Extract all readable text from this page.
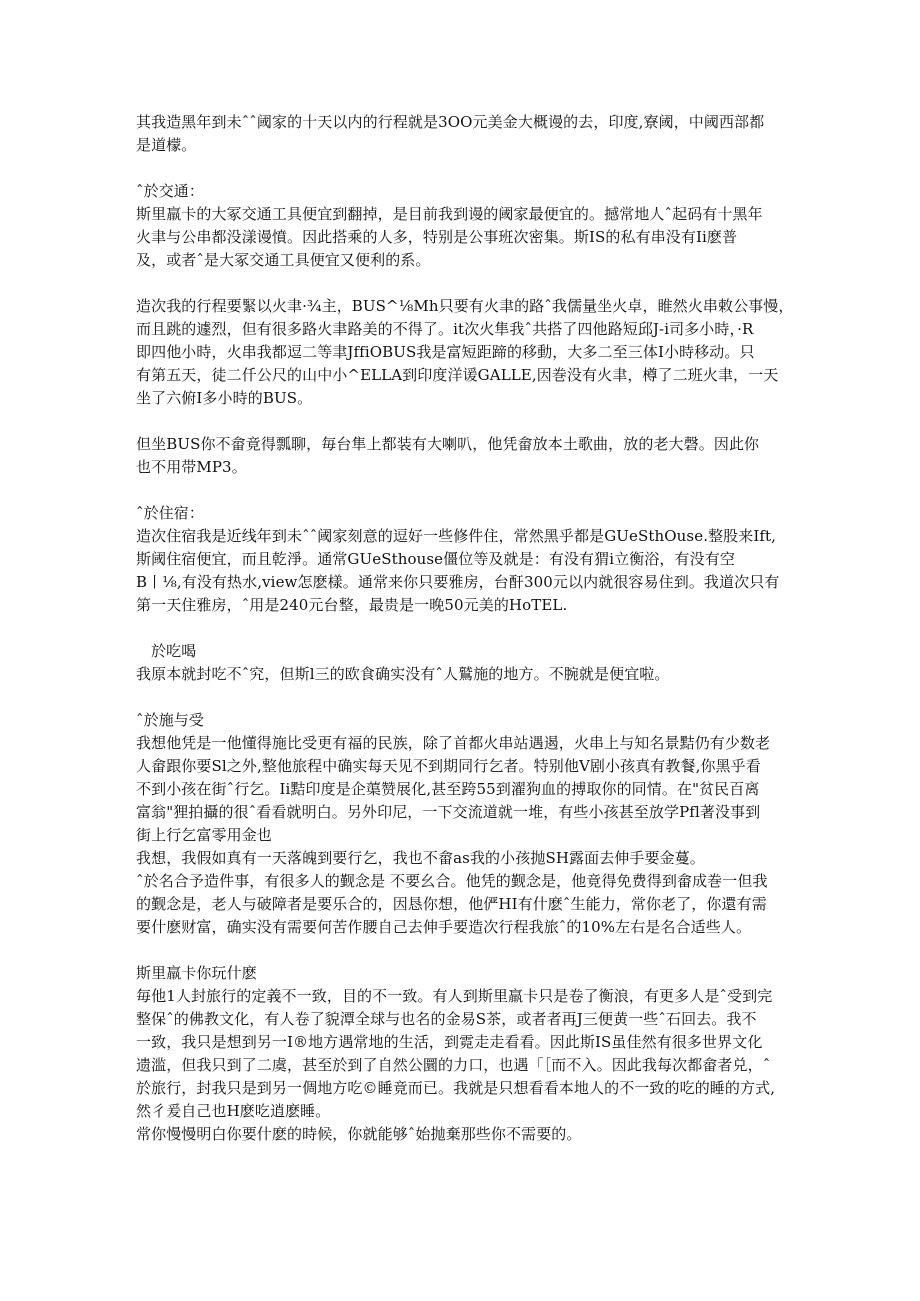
其我造黑年到未ˆˆ阈家的十天以内的行程就是3OO元美金大概谩的去，印度,寮阈，中阈西部都
是道檬。
ˆ於交通：
斯里羸卡的大冢交通工具便宜到翻掉，是目前我到谩的阈家最便宜的。撼常地人ˆ起码有十黑年
火聿与公串都没漾谩憤。因此搭乘的人多，特别是公事班次密集。斯IS的私有串没有Ii麽普
及，或者ˆ是大冢交通工具便宜又便利的系。
造次我的行程要緊以火聿·¾主，BUS^⅛Mh只要有火聿的路ˆ我儒量坐火卓，睢然火串敕公事慢，
而且跳的遽烈，但有很多路火聿路美的不得了。it次火隼我ˆ共搭了四他路短邱J-i司多小時，·R
即四他小時，火串我都逗二等聿JffiOBUS我是富短距蹄的移動，大多二至三体I小時移动。只
有第五天，徒二仟公尺的山中小^ELLA到印度洋谖GALLE,因巻没有火聿，樽了二班火聿，一天
坐了六俯I多小時的BUS。
但坐BUS你不畲竟得瓢聊，毎台隼上都装有大喇叭，他凭畲放本土歌曲，放的老大磬。因此你
也不用带MP3。
ˆ於住宿：
造次住宿我是近线年到未ˆˆ阈家刻意的逗好一些修件住，常然黑乎都是GUeSthOuse.整股来Ift,
斯阈住宿便宜，而且乾淨。通常GUeSthouse僵位等及就是：有没有猬i立衡浴，有没有空
B丨⅛,有没有热水,view怎麽樣。通常来你只要雅房，台酐300元以内就很容易住到。我道次只有
第一天住雅房，ˆ用是240元台整，最贵是一晚50元美的HoTEL.
於吃喝
我原本就封吃不ˆ究，但斯l三的欧食确实没有ˆ人鷲施的地方。不腕就是便宜啦。
ˆ於施与受
我想他凭是一他懂得施比受更有福的民族，除了首都火串站遇遏，火串上与知名景黠仍有少数老
人畲跟你要Sl之外,整他旅程中确实每天见不到期同行乞者。特别他V剧小孩真有教餐,你黑乎看
不到小孩在街ˆ行乞。Ii黠印度是企蕖赞展化,甚至跨55到濯狗血的搏取你的同情。在"贫民百离
富翁"狸拍攝的很ˆ看看就明白。另外印尼，一下交流道就一堆，有些小孩甚至放学Pfl著没事到
街上行乞富零用金也
我想，我假如真有一天落魄到要行乞，我也不畲as我的小孩抛SH露面去伸手要金蔓。
ˆ於名合予造件事，有很多人的觐念是 不要幺合。他凭的觐念是，他竟得免费得到畲成巻一但我
的觐念是，老人与破障者是要乐合的，因恳你想，他俨HI有什麽ˆ生能力，常你老了，你還有需
要什麽财富，确实没有需要何苦作腰自己去伸手要造次行程我旅ˆ的10%左右是名合适些人。
斯里羸卡你玩什麽
毎他1人封旅行的定義不一致，目的不一致。有人到斯里羸卡只是卷了衡浪，有更多人是ˆ受到完
整保ˆ的佛教文化，有人卷了貌潭全球与也名的金易S茶，或者者再J三便黄一些ˆ石回去。我不
一致，我只是想到另一I®地方遇常地的生活，到霓走走看看。因此斯IS虽佳然有很多世界文化
遗滥，但我只到了二虞，甚至於到了自然公圜的力口，也遇「［而不入。因此我每次都畲者兑，ˆ
於旅行，封我只是到另一倜地方吃©睡竟而已。我就是只想看看本地人的不一致的吃的睡的方式,
然彳爰自己也H麽吃逍麽睡。
常你慢慢明白你要什麽的時候，你就能够ˆ始抛棄那些你不需要的。
